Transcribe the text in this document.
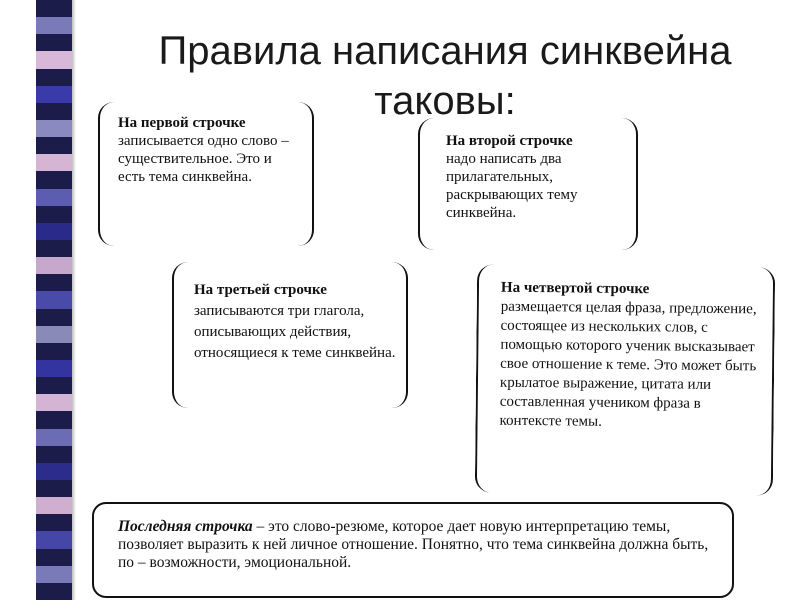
Правила написания синквейна таковы:
На первой строчке
записывается одно слово – существительное. Это и есть тема синквейна.
На второй строчке
надо написать два прилагательных, раскрывающих тему синквейна.
На третьей строчке
записываются три глагола, описывающих действия, относящиеся к теме синквейна.
На четвертой строчке
размещается целая фраза, предложение, состоящее из нескольких слов, с помощью которого ученик высказывает свое отношение к теме. Это может быть крылатое выражение, цитата или составленная учеником фраза в контексте темы.
Последняя строчка – это слово-резюме, которое дает новую интерпретацию темы, позволяет выразить к ней личное отношение. Понятно, что тема синквейна должна быть, по – возможности, эмоциональной.
